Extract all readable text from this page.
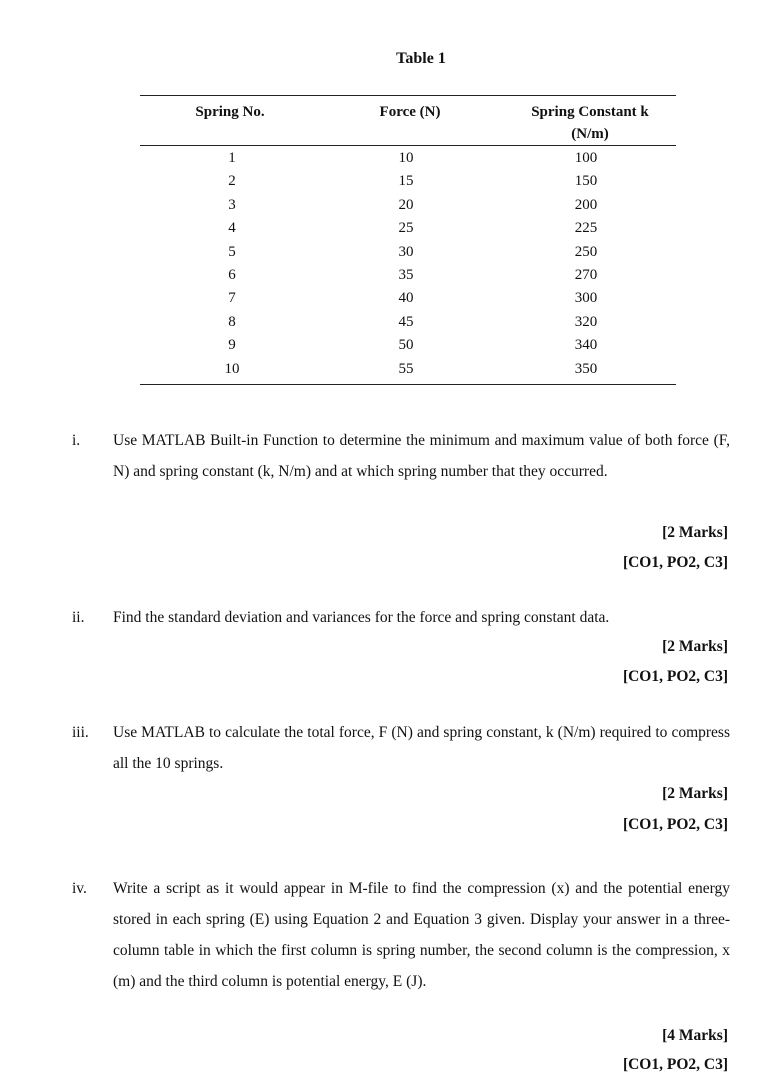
Table 1
Spring No.	Force (N)	Spring Constant k
(N/m)
1	10	100
2	15	150
3	20	200
4	25	225
5	30	250
6	35	270
7	40	300
8	45	320
9	50	340
10	55	350
i. Use MATLAB Built-in Function to determine the minimum and maximum value of both force (F, N) and spring constant (k, N/m) and at which spring number that they occurred.
[2 Marks]
[CO1, PO2, C3]
ii. Find the standard deviation and variances for the force and spring constant data.
[2 Marks]
[CO1, PO2, C3]
iii. Use MATLAB to calculate the total force, F (N) and spring constant, k (N/m) required to compress all the 10 springs.
[2 Marks]
[CO1, PO2, C3]
iv. Write a script as it would appear in M-file to find the compression (x) and the potential energy stored in each spring (E) using Equation 2 and Equation 3 given. Display your answer in a three-column table in which the first column is spring number, the second column is the compression, x (m) and the third column is potential energy, E (J).
[4 Marks]
[CO1, PO2, C3]
